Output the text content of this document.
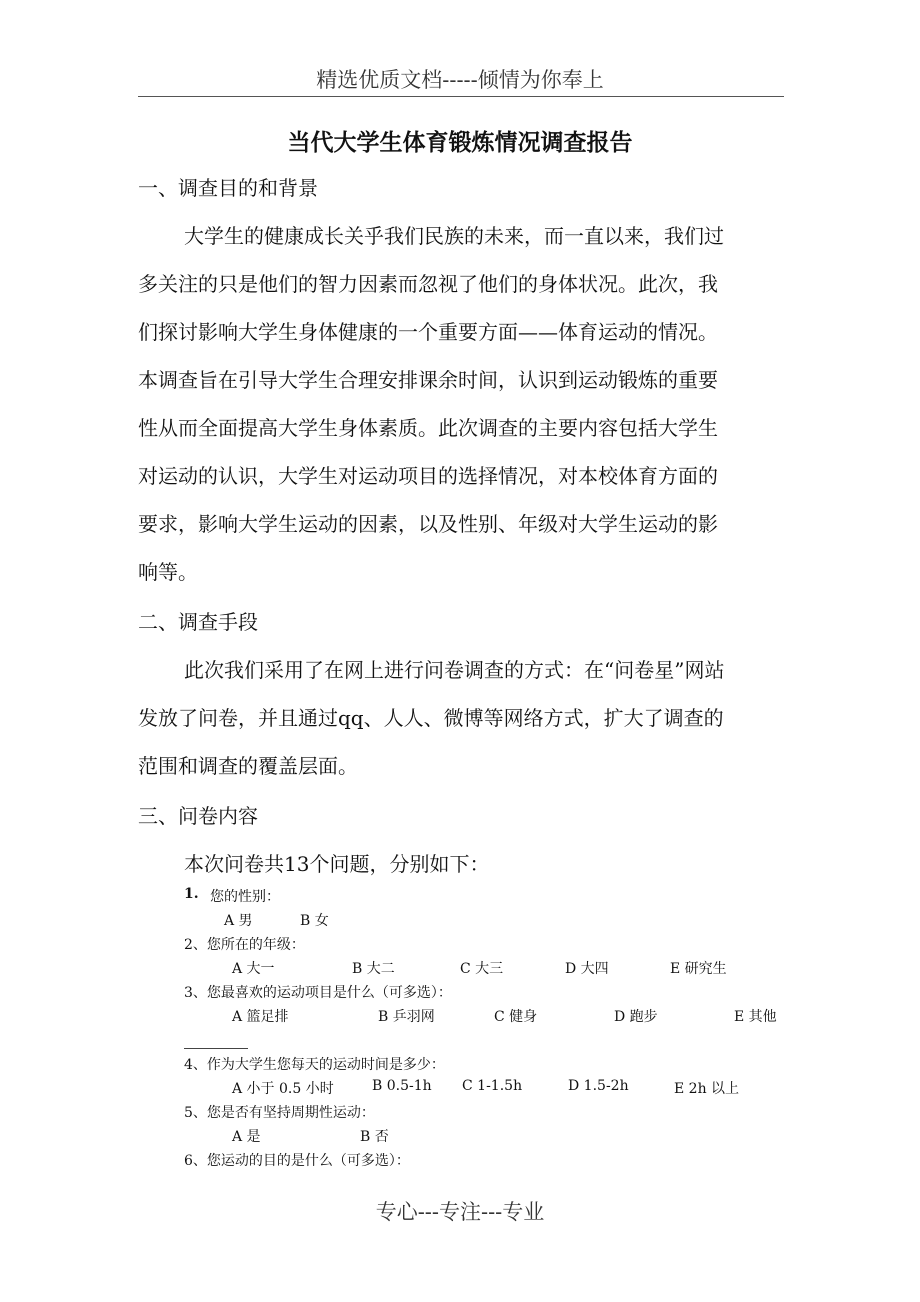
精选优质文档-----倾情为你奉上
当代大学生体育锻炼情况调查报告
一、调查目的和背景
大学生的健康成长关乎我们民族的未来，而一直以来，我们过
多关注的只是他们的智力因素而忽视了他们的身体状况。此次，我
们探讨影响大学生身体健康的一个重要方面——体育运动的情况。
本调查旨在引导大学生合理安排课余时间，认识到运动锻炼的重要
性从而全面提高大学生身体素质。此次调查的主要内容包括大学生
对运动的认识，大学生对运动项目的选择情况，对本校体育方面的
要求，影响大学生运动的因素，以及性别、年级对大学生运动的影
响等。
二、调查手段
此次我们采用了在网上进行问卷调查的方式：在“问卷星”网站
发放了问卷，并且通过qq、人人、微博等网络方式，扩大了调查的
范围和调查的覆盖层面。
三、问卷内容
本次问卷共13个问题，分别如下：
1. 您的性别：
A 男	B 女
2、您所在的年级：
A 大一	B 大二	C 大三	D 大四	E 研究生
3、您最喜欢的运动项目是什么（可多选）：
A 篮足排	B 乒羽网	C 健身	D 跑步	E 其他
4、作为大学生您每天的运动时间是多少：
A 小于 0.5 小时	B 0.5-1h C 1-1.5h	D 1.5-2h	E 2h 以上
5、您是否有坚持周期性运动：
A 是	B 否
6、您运动的目的是什么（可多选）：
专心---专注---专业
